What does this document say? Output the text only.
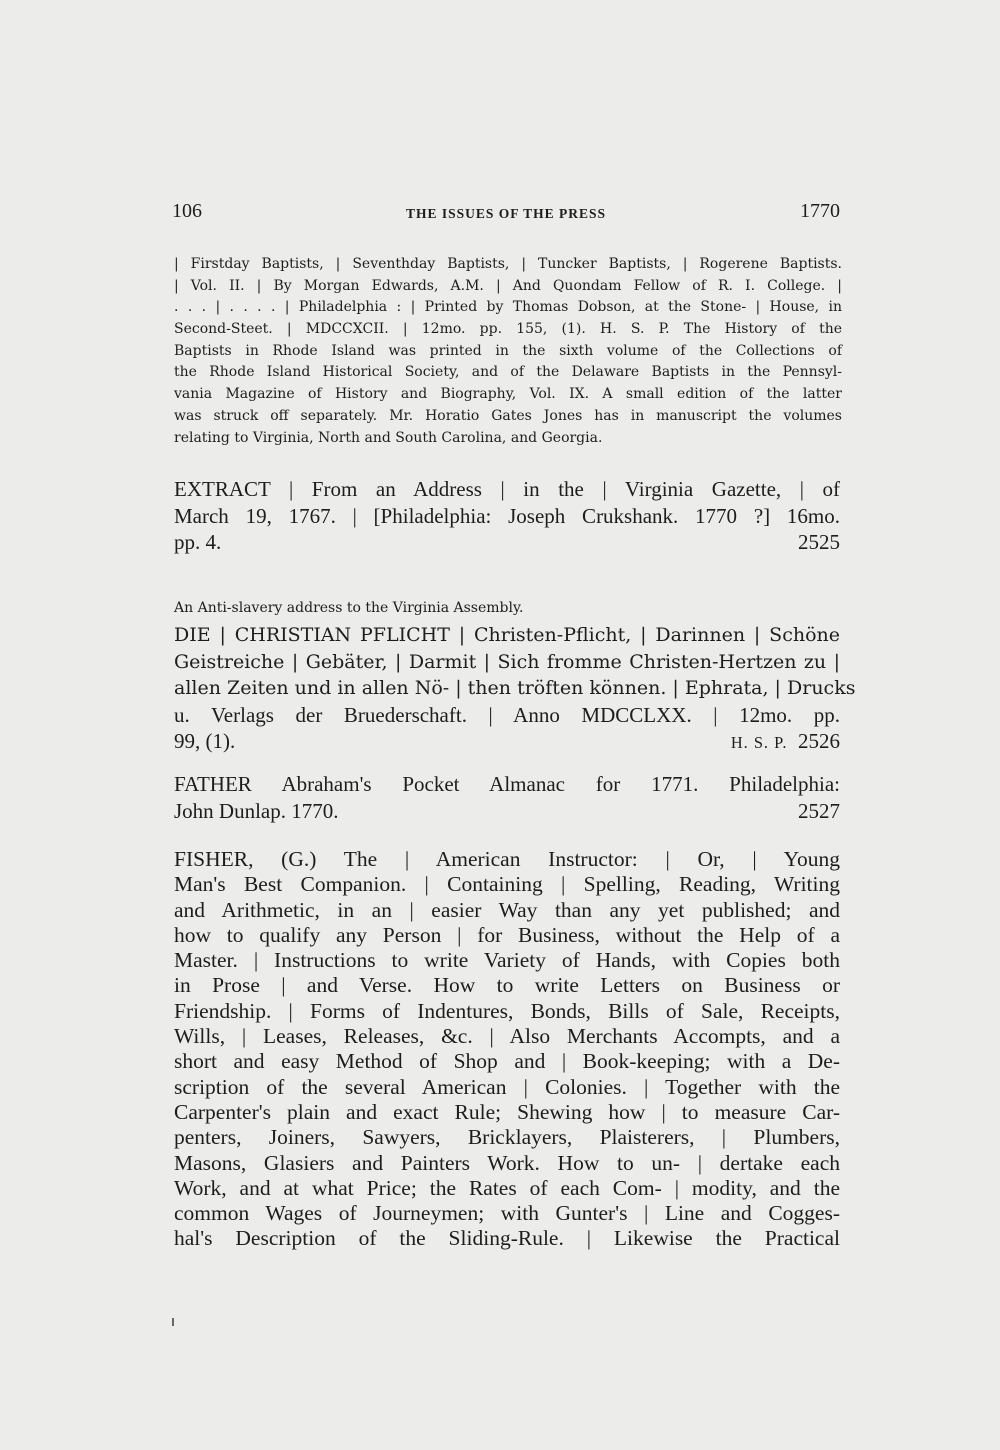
106	THE ISSUES OF THE PRESS	1770
| Firstday Baptists, | Seventhday Baptists, | Tuncker Baptists, | Rogerene Baptists.
| Vol. II. | By Morgan Edwards, A.M. | And Quondam Fellow of R. I. College. |
. . . | . . . . | Philadelphia : | Printed by Thomas Dobson, at the Stone- | House, in
Second-Steet. | MDCCXCII. | 12mo. pp. 155, (1). H. S. P. The History of the
Baptists in Rhode Island was printed in the sixth volume of the Collections of
the Rhode Island Historical Society, and of the Delaware Baptists in the Pennsyl-
vania Magazine of History and Biography, Vol. IX. A small edition of the latter
was struck off separately. Mr. Horatio Gates Jones has in manuscript the volumes
relating to Virginia, North and South Carolina, and Georgia.
EXTRACT | From an Address | in the | Virginia Gazette, | of
March 19, 1767. | [Philadelphia: Joseph Crukshank. 1770 ?] 16mo.
pp. 4.	2525
An Anti-slavery address to the Virginia Assembly.
DIE | CHRISTIAN PFLICHT | Christen-Pflicht, | Darinnen | Schöne
Geistreiche | Gebäter, | Darmit | Sich fromme Christen-Hertzen zu |
allen Zeiten und in allen Nö- | then tröften können. | Ephrata, | Drucks
u. Verlags der Bruederschaft. | Anno MDCCLXX. | 12mo. pp.
99, (1).	H. S. P. 2526
FATHER Abraham's Pocket Almanac for 1771. Philadelphia:
John Dunlap. 1770.	2527
FISHER, (G.) The | American Instructor: | Or, | Young
Man's Best Companion. | Containing | Spelling, Reading, Writing
and Arithmetic, in an | easier Way than any yet published; and
how to qualify any Person | for Business, without the Help of a
Master. | Instructions to write Variety of Hands, with Copies both
in Prose | and Verse. How to write Letters on Business or
Friendship. | Forms of Indentures, Bonds, Bills of Sale, Receipts,
Wills, | Leases, Releases, &c. | Also Merchants Accompts, and a
short and easy Method of Shop and | Book-keeping; with a De-
scription of the several American | Colonies. | Together with the
Carpenter's plain and exact Rule; Shewing how | to measure Car-
penters, Joiners, Sawyers, Bricklayers, Plaisterers, | Plumbers,
Masons, Glasiers and Painters Work. How to un- | dertake each
Work, and at what Price; the Rates of each Com- | modity, and the
common Wages of Journeymen; with Gunter's | Line and Cogges-
hal's Description of the Sliding-Rule. | Likewise the Practical
